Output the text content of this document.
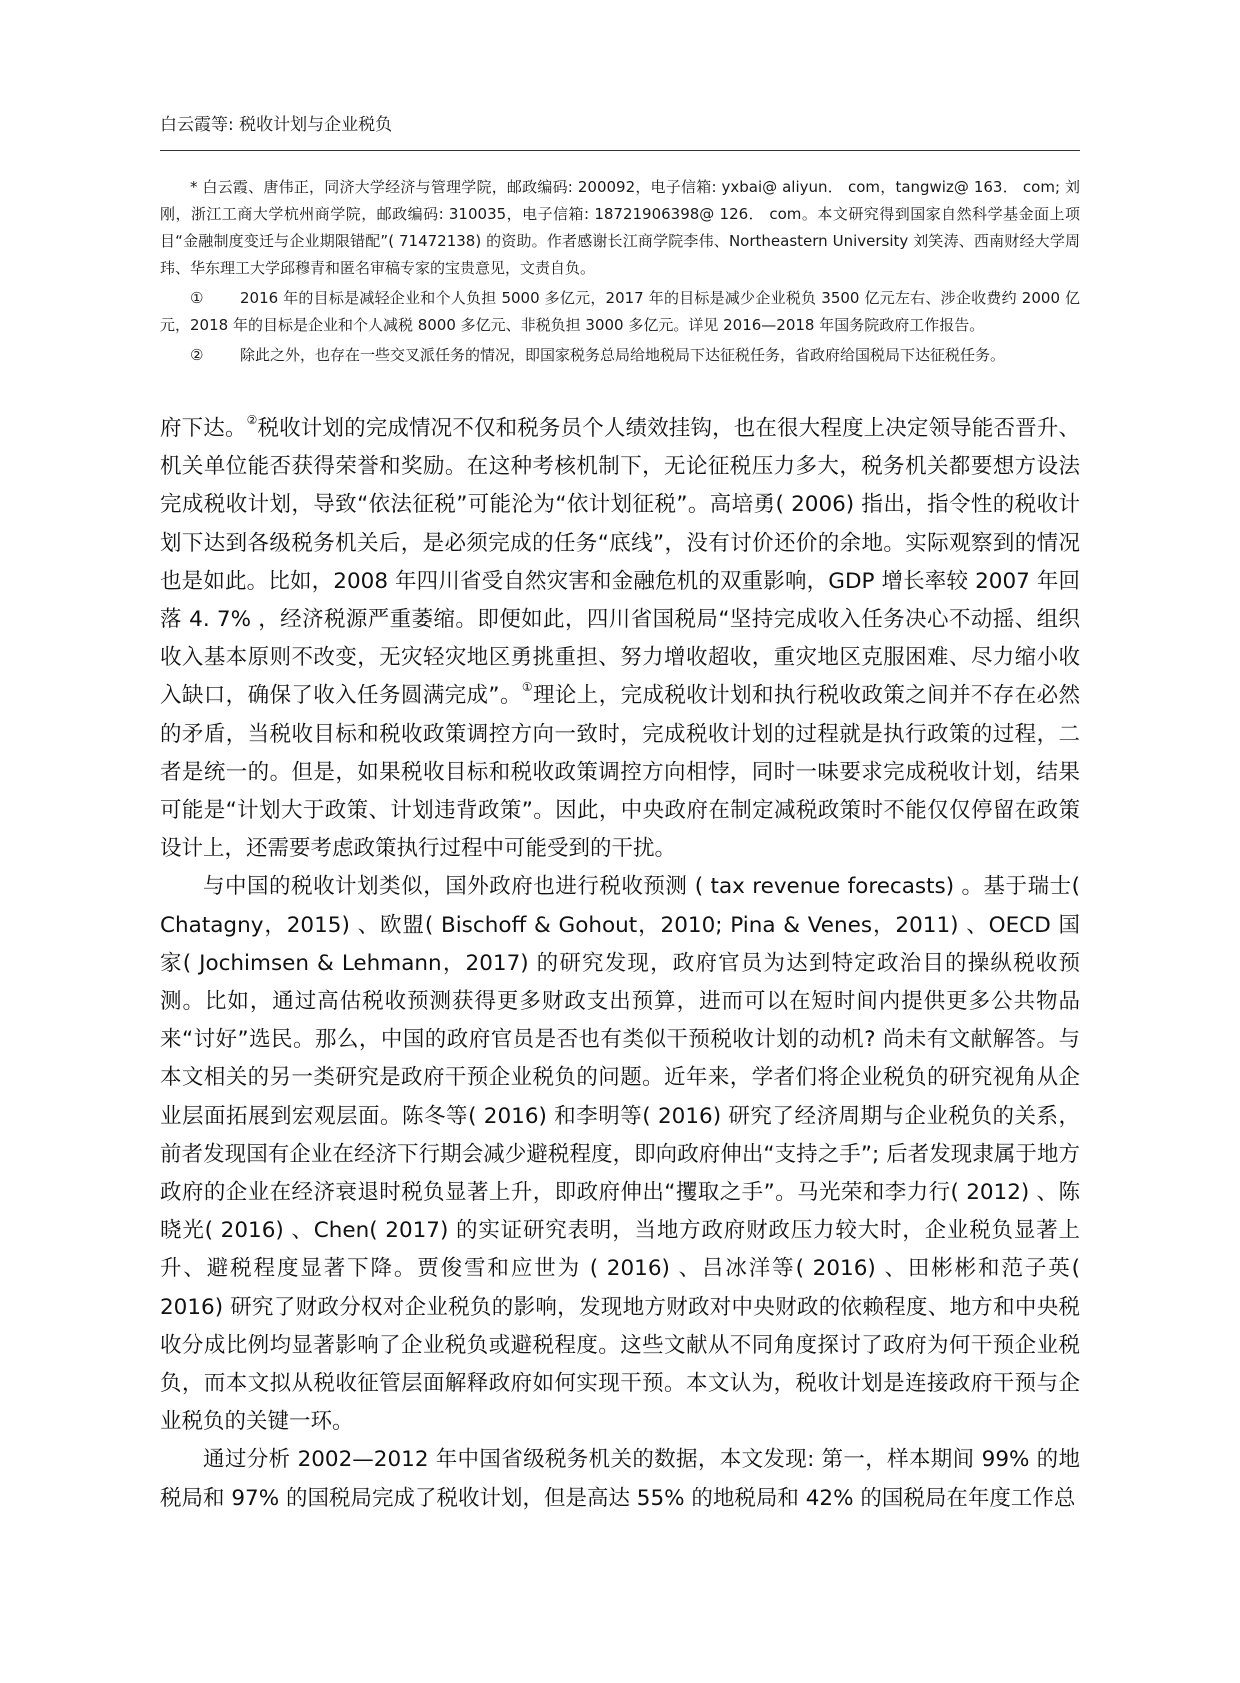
白云霞等: 税收计划与企业税负

* 白云霞、唐伟正，同济大学经济与管理学院，邮政编码: 200092，电子信箱: yxbai@ aliyun． com，tangwiz@ 163． com; 刘刚，浙江工商大学杭州商学院，邮政编码: 310035，电子信箱: 18721906398@ 126． com。本文研究得到国家自然科学基金面上项目“金融制度变迁与企业期限错配”( 71472138) 的资助。作者感谢长江商学院李伟、Northeastern University 刘笑涛、西南财经大学周玮、华东理工大学邱穆青和匿名审稿专家的宝贵意见，文责自负。

① 2016 年的目标是减轻企业和个人负担 5000 多亿元，2017 年的目标是减少企业税负 3500 亿元左右、涉企收费约 2000 亿元，2018 年的目标是企业和个人减税 8000 多亿元、非税负担 3000 多亿元。详见 2016—2018 年国务院政府工作报告。

② 除此之外，也存在一些交叉派任务的情况，即国家税务总局给地税局下达征税任务，省政府给国税局下达征税任务。

府下达。②税收计划的完成情况不仅和税务员个人绩效挂钩，也在很大程度上决定领导能否晋升、机关单位能否获得荣誉和奖励。在这种考核机制下，无论征税压力多大，税务机关都要想方设法完成税收计划，导致“依法征税”可能沦为“依计划征税”。高培勇( 2006) 指出，指令性的税收计划下达到各级税务机关后，是必须完成的任务“底线”，没有讨价还价的余地。实际观察到的情况也是如此。比如，2008 年四川省受自然灾害和金融危机的双重影响，GDP 增长率较 2007 年回落 4. 7% ，经济税源严重萎缩。即便如此，四川省国税局“坚持完成收入任务决心不动摇、组织收入基本原则不改变，无灾轻灾地区勇挑重担、努力增收超收，重灾地区克服困难、尽力缩小收入缺口，确保了收入任务圆满完成”。①理论上，完成税收计划和执行税收政策之间并不存在必然的矛盾，当税收目标和税收政策调控方向一致时，完成税收计划的过程就是执行政策的过程，二者是统一的。但是，如果税收目标和税收政策调控方向相悖，同时一味要求完成税收计划，结果可能是“计划大于政策、计划违背政策”。因此，中央政府在制定减税政策时不能仅仅停留在政策设计上，还需要考虑政策执行过程中可能受到的干扰。

与中国的税收计划类似，国外政府也进行税收预测 ( tax revenue forecasts) 。基于瑞士( Chatagny，2015) 、欧盟( Bischoff & Gohout，2010; Pina & Venes，2011) 、OECD 国家( Jochimsen & Lehmann，2017) 的研究发现，政府官员为达到特定政治目的操纵税收预测。比如，通过高估税收预测获得更多财政支出预算，进而可以在短时间内提供更多公共物品来“讨好”选民。那么，中国的政府官员是否也有类似干预税收计划的动机? 尚未有文献解答。与本文相关的另一类研究是政府干预企业税负的问题。近年来，学者们将企业税负的研究视角从企业层面拓展到宏观层面。陈冬等( 2016) 和李明等( 2016) 研究了经济周期与企业税负的关系，前者发现国有企业在经济下行期会减少避税程度，即向政府伸出“支持之手”; 后者发现隶属于地方政府的企业在经济衰退时税负显著上升，即政府伸出“攫取之手”。马光荣和李力行( 2012) 、陈晓光( 2016) 、Chen( 2017) 的实证研究表明，当地方政府财政压力较大时，企业税负显著上升、避税程度显著下降。贾俊雪和应世为 ( 2016) 、吕冰洋等( 2016) 、田彬彬和范子英( 2016) 研究了财政分权对企业税负的影响，发现地方财政对中央财政的依赖程度、地方和中央税收分成比例均显著影响了企业税负或避税程度。这些文献从不同角度探讨了政府为何干预企业税负，而本文拟从税收征管层面解释政府如何实现干预。本文认为，税收计划是连接政府干预与企业税负的关键一环。

通过分析 2002—2012 年中国省级税务机关的数据，本文发现: 第一，样本期间 99% 的地税局和 97% 的国税局完成了税收计划，但是高达 55% 的地税局和 42% 的国税局在年度工作总
